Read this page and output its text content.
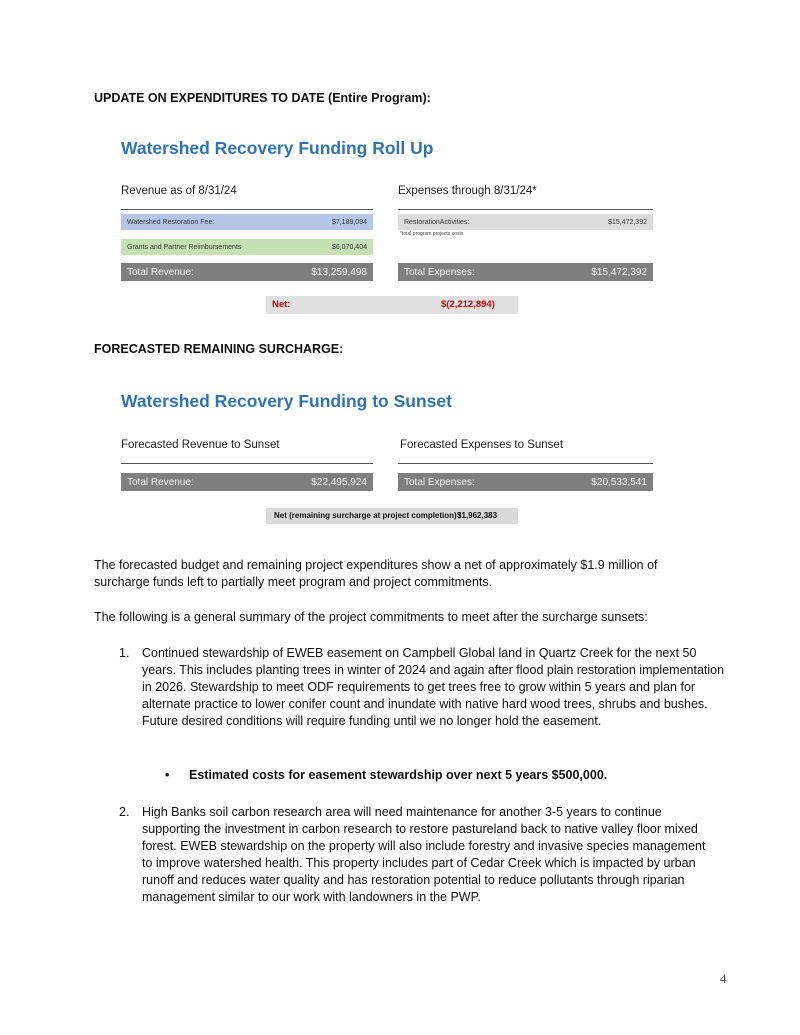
UPDATE ON EXPENDITURES TO DATE (Entire Program):
Watershed Recovery Funding Roll Up
Revenue as of 8/31/24	Expenses through 8/31/24*
Watershed Restoration Fee:	$7,189,094
Grants and Partner Reimbursements	$6,070,404
RestorationActivities:	$15,472,392
*total program projects costs
Total Revenue:	$13,259,498	Total Expenses:	$15,472,392
Net:	$(2,212,894)
FORECASTED REMAINING SURCHARGE:
Watershed Recovery Funding to Sunset
Forecasted Revenue to Sunset	Forecasted Expenses to Sunset
Total Revenue:	$22,495,924	Total Expenses:	$20,533,541
Net (remaining surcharge at project completion) :
$1,962,383
The forecasted budget and remaining project expenditures show a net of approximately $1.9 million of surcharge funds left to partially meet program and project commitments.
The following is a general summary of the project commitments to meet after the surcharge sunsets:
1. Continued stewardship of EWEB easement on Campbell Global land in Quartz Creek for the next 50 years. This includes planting trees in winter of 2024 and again after flood plain restoration implementation in 2026. Stewardship to meet ODF requirements to get trees free to grow within 5 years and plan for alternate practice to lower conifer count and inundate with native hard wood trees, shrubs and bushes. Future desired conditions will require funding until we no longer hold the easement.
• Estimated costs for easement stewardship over next 5 years $500,000.
2. High Banks soil carbon research area will need maintenance for another 3-5 years to continue supporting the investment in carbon research to restore pastureland back to native valley floor mixed forest. EWEB stewardship on the property will also include forestry and invasive species management to improve watershed health. This property includes part of Cedar Creek which is impacted by urban runoff and reduces water quality and has restoration potential to reduce pollutants through riparian management similar to our work with landowners in the PWP.
4
